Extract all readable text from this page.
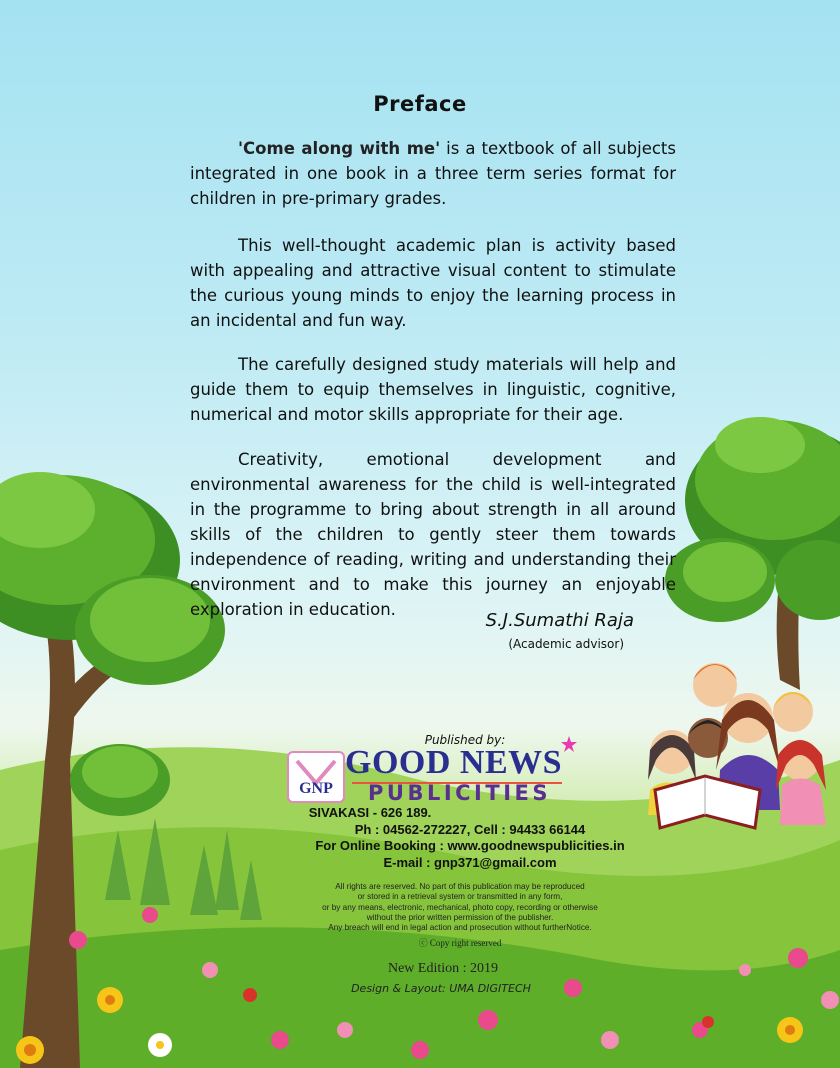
Preface
'Come along with me' is a textbook of all subjects integrated in one book in a three term series format for children in pre-primary grades.
This well-thought academic plan is activity based with appealing and attractive visual content to stimulate the curious young minds to enjoy the learning process in an incidental and fun way.
The carefully designed study materials will help and guide them to equip themselves in linguistic, cognitive, numerical and motor skills appropriate for their age.
Creativity, emotional development and environmental awareness for the child is well-integrated in the programme to bring about strength in all around skills of the children to gently steer them towards independence of reading, writing and understanding their environment and to make this journey an enjoyable exploration in education.
S.J.Sumathi Raja
(Academic advisor)
Published by:
GNP
GOOD NEWS
PUBLICITIES
SIVAKASI - 626 189.
Ph : 04562-272227, Cell : 94433 66144
For Online Booking : www.goodnewspublicities.in
E-mail : gnp371@gmail.com
All rights are reserved. No part of this publication may be reproduced
or stored in a retrieval system or transmitted in any form,
or by any means, electronic, mechanical, photo copy, recording or otherwise
without the prior written permission of the publisher.
Any breach will end in legal action and prosecution without furtherNotice.
ⓒ Copy right reserved
New Edition : 2019
Design & Layout: UMA DIGITECH
